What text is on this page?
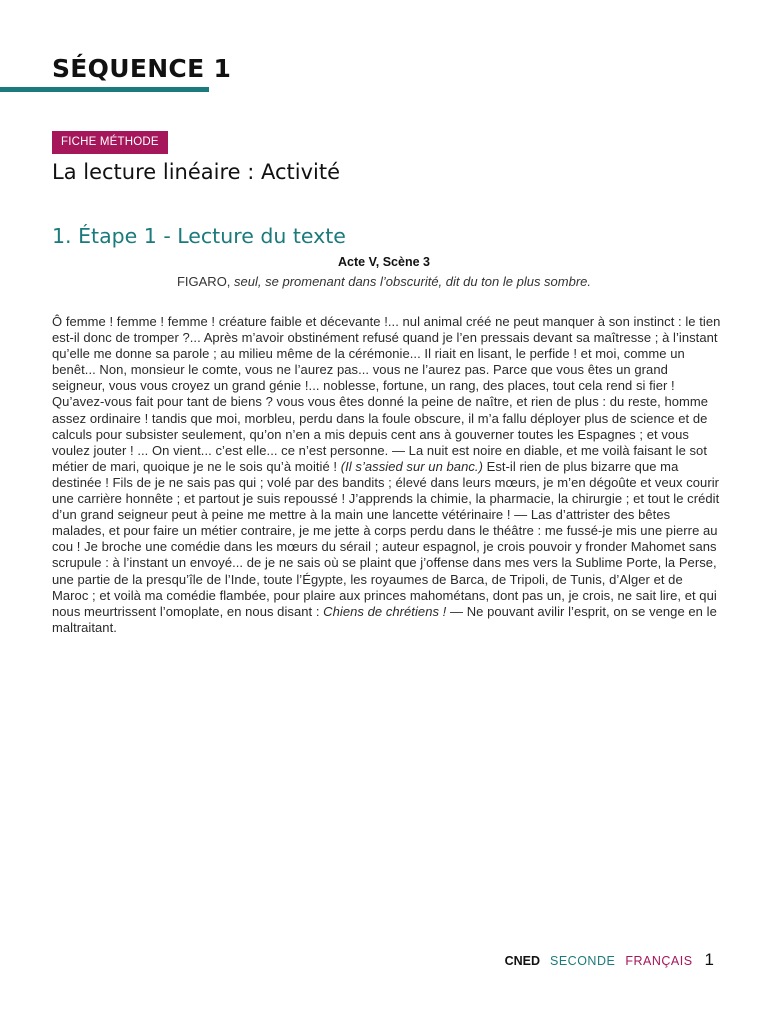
SÉQUENCE 1
FICHE MÉTHODE
La lecture linéaire : Activité
1. Étape 1 - Lecture du texte
Acte V, Scène 3
FIGARO, seul, se promenant dans l’obscurité, dit du ton le plus sombre.

Ô femme ! femme ! femme ! créature faible et décevante !... nul animal créé ne peut manquer à son instinct : le tien est-il donc de tromper ?... Après m’avoir obstinément refusé quand je l’en pressais devant sa maîtresse ; à l’instant qu’elle me donne sa parole ; au milieu même de la cérémonie... Il riait en lisant, le perfide ! et moi, comme un benêt... Non, monsieur le comte, vous ne l’aurez pas... vous ne l’aurez pas. Parce que vous êtes un grand seigneur, vous vous croyez un grand génie !... noblesse, fortune, un rang, des places, tout cela rend si fier ! Qu’avez-vous fait pour tant de biens ? vous vous êtes donné la peine de naître, et rien de plus : du reste, homme assez ordinaire ! tandis que moi, morbleu, perdu dans la foule obscure, il m’a fallu déployer plus de science et de calculs pour subsister seulement, qu’on n’en a mis depuis cent ans à gouverner toutes les Espagnes ; et vous voulez jouter ! ... On vient... c’est elle... ce n’est personne. — La nuit est noire en diable, et me voilà faisant le sot métier de mari, quoique je ne le sois qu’à moitié ! (Il s’assied sur un banc.) Est-il rien de plus bizarre que ma destinée ! Fils de je ne sais pas qui ; volé par des bandits ; élevé dans leurs mœurs, je m’en dégoûte et veux courir une carrière honnête ; et partout je suis repoussé ! J’apprends la chimie, la pharmacie, la chirurgie ; et tout le crédit d’un grand seigneur peut à peine me mettre à la main une lancette vétérinaire ! — Las d’attrister des bêtes malades, et pour faire un métier contraire, je me jette à corps perdu dans le théâtre : me fussé-je mis une pierre au cou ! Je broche une comédie dans les mœurs du sérail ; auteur espagnol, je crois pouvoir y fronder Mahomet sans scrupule : à l’instant un envoyé... de je ne sais où se plaint que j’offense dans mes vers la Sublime Porte, la Perse, une partie de la presqu’île de l’Inde, toute l’Égypte, les royaumes de Barca, de Tripoli, de Tunis, d’Alger et de Maroc ; et voilà ma comédie flambée, pour plaire aux princes mahométans, dont pas un, je crois, ne sait lire, et qui nous meurtrissent l’omoplate, en nous disant : Chiens de chrétiens ! — Ne pouvant avilir l’esprit, on se venge en le maltraitant.

CNED SECONDE FRANÇAIS 1
